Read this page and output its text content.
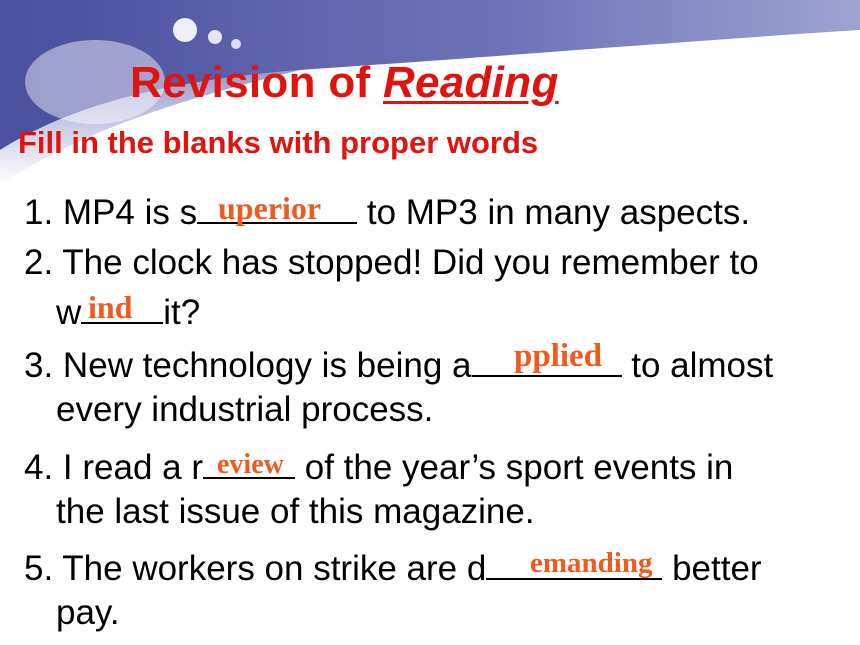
Revision of Reading
Fill in the blanks with proper words
1. MP4 is s	to MP3 in many aspects.
uperior
2. The clock has stopped! Did you remember to
w it?
ind
3. New technology is being a	to almost
pplied
every industrial process.
4. I read a r	of the year’s sport events in
eview
the last issue of this magazine.
5. The workers on strike are d	better
emanding
pay.
